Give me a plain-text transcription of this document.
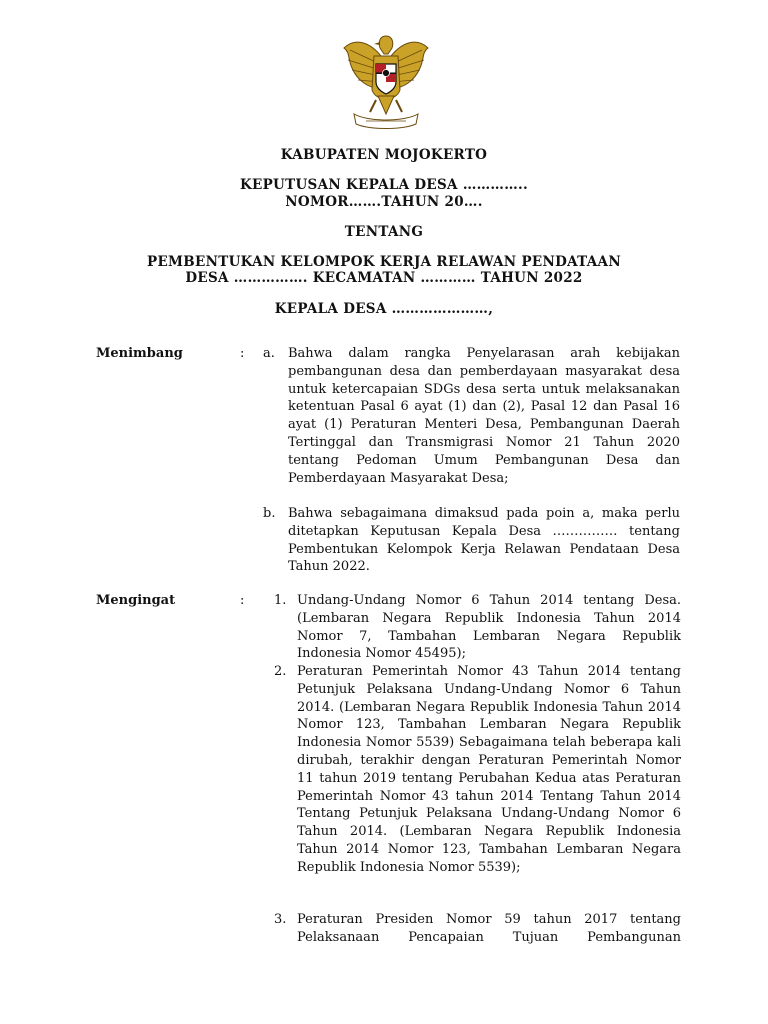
KABUPATEN MOJOKERTO
KEPUTUSAN KEPALA DESA …………..
NOMOR…….TAHUN 20….
TENTANG
PEMBENTUKAN KELOMPOK KERJA RELAWAN PENDATAAN
DESA ……………. KECAMATAN ………… TAHUN 2022
KEPALA DESA …………………,
Menimbang	: a. Bahwa dalam rangka Penyelarasan arah kebijakan pembangunan desa dan pemberdayaan masyarakat desa untuk ketercapaian SDGs desa serta untuk melaksanakan ketentuan Pasal 6 ayat (1) dan (2), Pasal 12 dan Pasal 16 ayat (1) Peraturan Menteri Desa, Pembangunan Daerah Tertinggal dan Transmigrasi Nomor 21 Tahun 2020 tentang Pedoman Umum Pembangunan Desa dan Pemberdayaan Masyarakat Desa;

b. Bahwa sebagaimana dimaksud pada poin a, maka perlu ditetapkan Keputusan Kepala Desa …………… tentang Pembentukan Kelompok Kerja Relawan Pendataan Desa Tahun 2022.

Mengingat	: 1. Undang-Undang Nomor 6 Tahun 2014 tentang Desa. (Lembaran Negara Republik Indonesia Tahun 2014 Nomor 7, Tambahan Lembaran Negara Republik Indonesia Nomor 45495);

2. Peraturan Pemerintah Nomor 43 Tahun 2014 tentang Petunjuk Pelaksana Undang-Undang Nomor 6 Tahun 2014. (Lembaran Negara Republik Indonesia Tahun 2014 Nomor 123, Tambahan Lembaran Negara Republik Indonesia Nomor 5539) Sebagaimana telah beberapa kali dirubah, terakhir dengan Peraturan Pemerintah Nomor 11 tahun 2019 tentang Perubahan Kedua atas Peraturan Pemerintah Nomor 43 tahun 2014 Tentang Tahun 2014 Tentang Petunjuk Pelaksana Undang-Undang Nomor 6 Tahun 2014. (Lembaran Negara Republik Indonesia Tahun 2014 Nomor 123, Tambahan Lembaran Negara Republik Indonesia Nomor 5539);

3. Peraturan Presiden Nomor 59 tahun 2017 tentang Pelaksanaan Pencapaian Tujuan Pembangunan
